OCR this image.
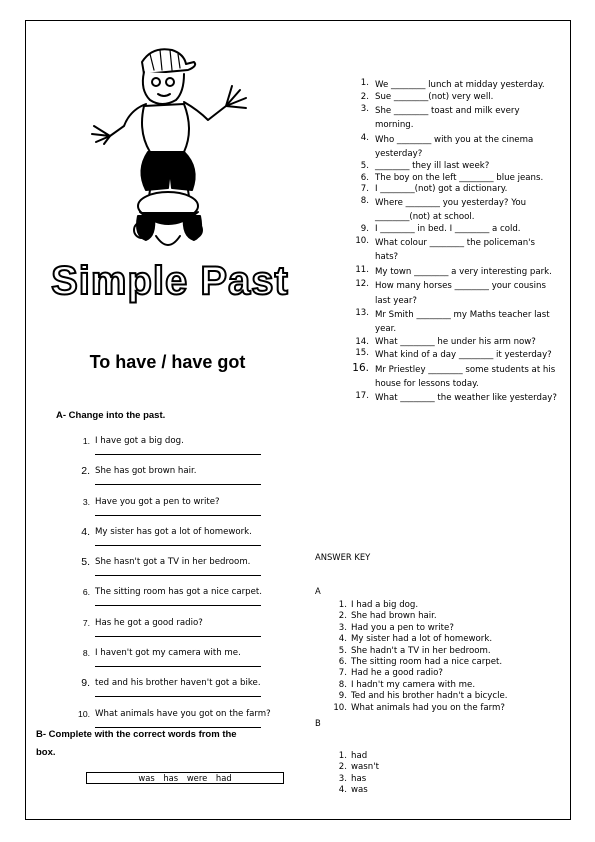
Simple Past
To have / have got
A- Change into the past.
1. I have got a big dog.
2. She has got brown hair.
3. Have you got a pen to write?
4. My sister has got a lot of homework.
5. She hasn't got a TV in her bedroom.
6. The sitting room has got a nice carpet.
7. Has he got a good radio?
8. I haven't got my camera with me.
9. ted and his brother haven't got a bike.
10. What animals have you got on the farm?
B- Complete with the correct words from the
box.
was has were had
1. We ________ lunch at midday yesterday.
2. Sue ________(not) very well.
3. She ________ toast and milk every morning.
4. Who ________ with you at the cinema yesterday?
5. ________ they ill last week?
6. The boy on the left ________ blue jeans.
7. I ________(not) got a dictionary.
8. Where ________ you yesterday? You ________(not) at school.
9. I ________ in bed. I ________ a cold.
10. What colour ________ the policeman's hats?
11. My town ________ a very interesting park.
12. How many horses ________ your cousins last year?
13. Mr Smith ________ my Maths teacher last year.
14. What ________ he under his arm now?
15. What kind of a day ________ it yesterday?
16. Mr Priestley ________ some students at his house for lessons today.
17. What ________ the weather like yesterday?
ANSWER KEY
A
1. I had a big dog.
2. She had brown hair.
3. Had you a pen to write?
4. My sister had a lot of homework.
5. She hadn't a TV in her bedroom.
6. The sitting room had a nice carpet.
7. Had he a good radio?
8. I hadn't my camera with me.
9. Ted and his brother hadn't a bicycle.
10. What animals had you on the farm?
B
1. had
2. wasn't
3. has
4. was
